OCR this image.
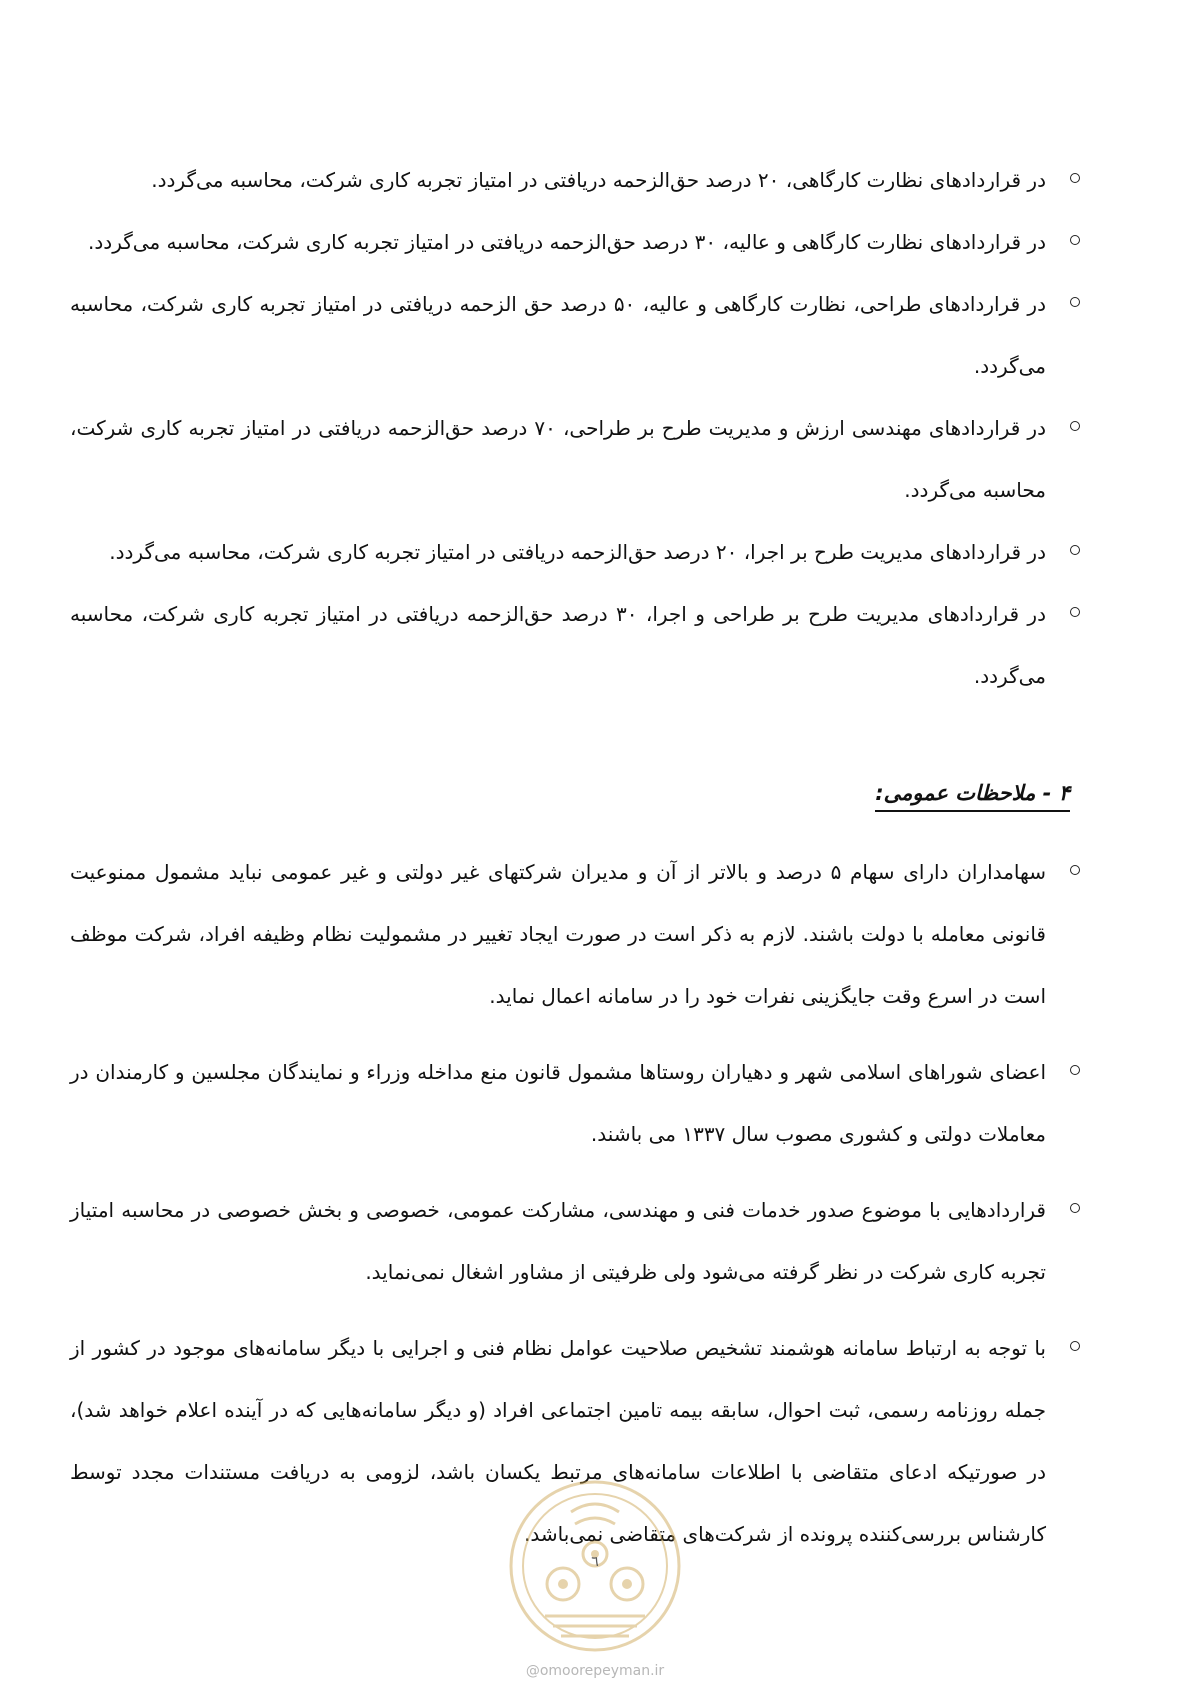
در قراردادهای نظارت کارگاهی، ۲۰ درصد حق‌الزحمه دریافتی در امتیاز تجربه کاری شرکت، محاسبه می‌گردد.
در قراردادهای نظارت کارگاهی و عالیه، ۳۰ درصد حق‌الزحمه دریافتی در امتیاز تجربه کاری شرکت، محاسبه می‌گردد.
در قراردادهای طراحی، نظارت کارگاهی و عالیه، ۵۰ درصد حق الزحمه دریافتی در امتیاز تجربه کاری شرکت، محاسبه می‌گردد.
در قراردادهای مهندسی ارزش و مدیریت طرح بر طراحی، ۷۰ درصد حق‌الزحمه دریافتی در امتیاز تجربه کاری شرکت، محاسبه می‌گردد.
در قراردادهای مدیریت طرح بر اجرا، ۲۰ درصد حق‌الزحمه دریافتی در امتیاز تجربه کاری شرکت، محاسبه می‌گردد.
در قراردادهای مدیریت طرح بر طراحی و اجرا، ۳۰ درصد حق‌الزحمه دریافتی در امتیاز تجربه کاری شرکت، محاسبه می‌گردد.
۴ - ملاحظات عمومی:
سهامداران دارای سهام ۵ درصد و بالاتر از آن و مدیران شرکتهای غیر دولتی و غیر عمومی نباید مشمول ممنوعیت قانونی معامله با دولت باشند. لازم به ذکر است در صورت ایجاد تغییر در مشمولیت نظام وظیفه افراد، شرکت موظف است در اسرع وقت جایگزینی نفرات خود را در سامانه اعمال نماید.
اعضای شوراهای اسلامی شهر و دهیاران روستاها مشمول قانون منع مداخله وزراء و نمایندگان مجلسین و کارمندان در معاملات دولتی و کشوری مصوب سال ۱۳۳۷ می باشند.
قراردادهایی با موضوع صدور خدمات فنی و مهندسی، مشارکت عمومی، خصوصی و بخش خصوصی در محاسبه امتیاز تجربه کاری شرکت در نظر گرفته می‌شود ولی ظرفیتی از مشاور اشغال نمی‌نماید.
با توجه به ارتباط سامانه هوشمند تشخیص صلاحیت عوامل نظام فنی و اجرایی با دیگر سامانه‌های موجود در کشور از جمله روزنامه رسمی، ثبت احوال، سابقه بیمه تامین اجتماعی افراد (و دیگر سامانه‌هایی که در آینده اعلام خواهد شد)، در صورتیکه ادعای متقاضی با اطلاعات سامانه‌های مرتبط یکسان باشد، لزومی به دریافت مستندات مجدد توسط کارشناس بررسی‌کننده پرونده از شرکت‌های متقاضی نمی‌باشد.
٦
@omoorepeyman.ir
